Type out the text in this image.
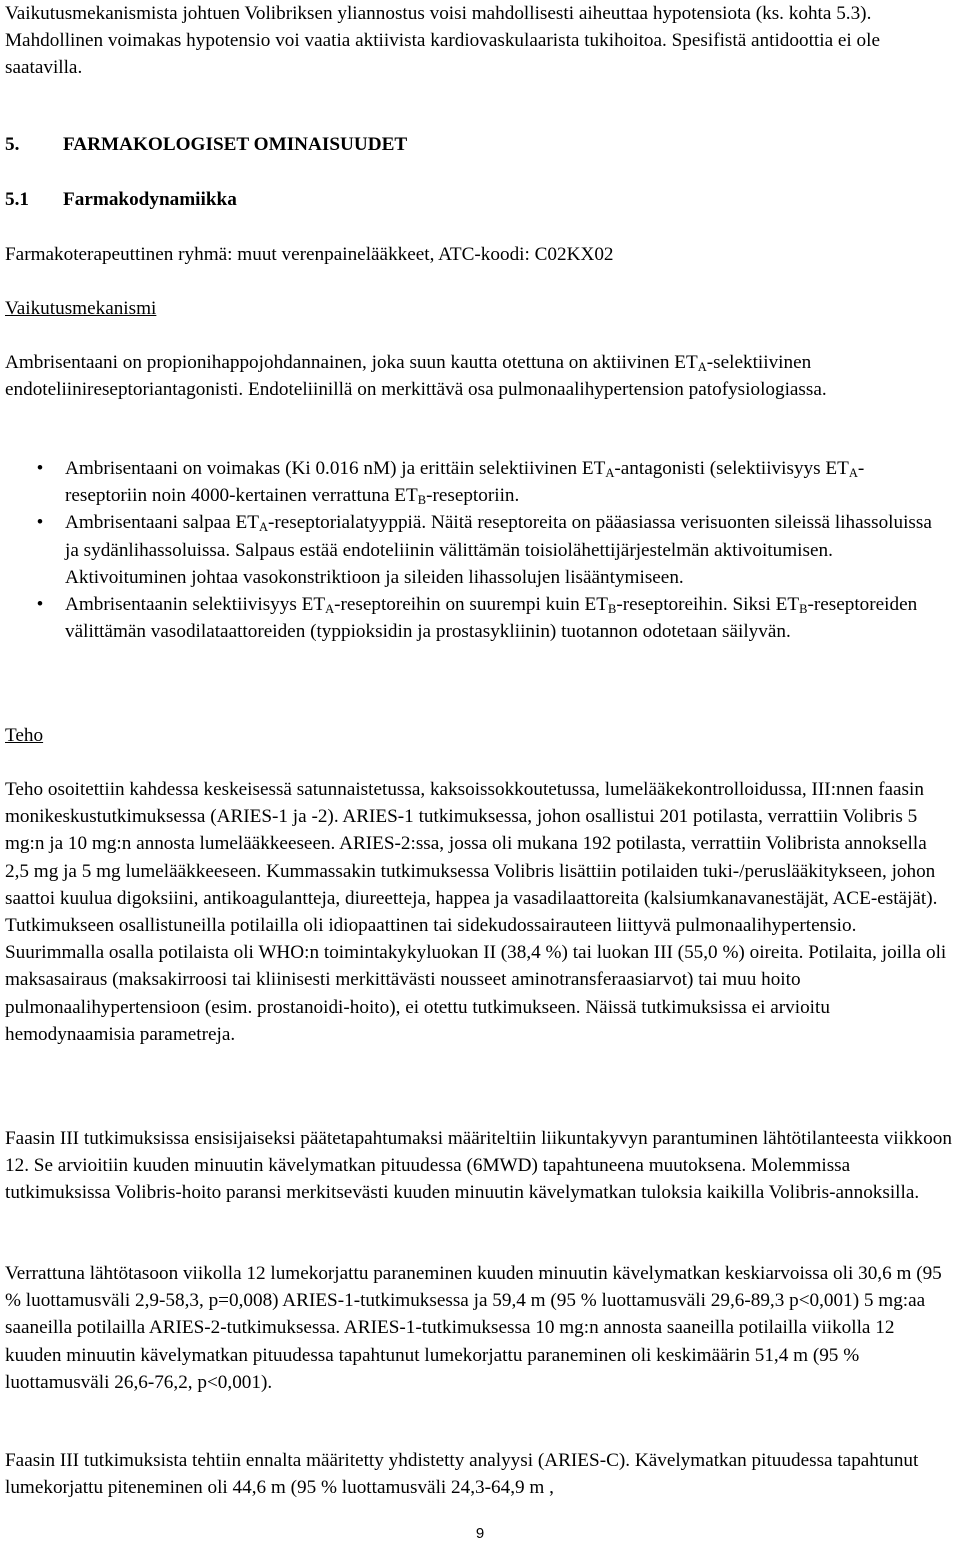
Vaikutusmekanismista johtuen Volibriksen yliannostus voisi mahdollisesti aiheuttaa hypotensiota (ks. kohta 5.3). Mahdollinen voimakas hypotensio voi vaatia aktiivista kardiovaskulaarista tukihoitoa. Spesifistä antidoottia ei ole saatavilla.

5. FARMAKOLOGISET OMINAISUUDET

5.1 Farmakodynamiikka

Farmakoterapeuttinen ryhmä: muut verenpainelääkkeet, ATC-koodi: C02KX02

Vaikutusmekanismi

Ambrisentaani on propionihappojohdannainen, joka suun kautta otettuna on aktiivinen $ET_A$-selektiivinen endoteliinireseptoriantagonisti. Endoteliinillä on merkittävä osa pulmonaalihypertension patofysiologiassa.

•	Ambrisentaani on voimakas (Ki 0.016 nM) ja erittäin selektiivinen $ET_A$-antagonisti (selektiivisyys $ET_A$-reseptoriin noin 4000-kertainen verrattuna $ET_B$-reseptoriin.
•	Ambrisentaani salpaa $ET_A$-reseptorialatyyppiä. Näitä reseptoreita on pääasiassa verisuonten sileissä lihassoluissa ja sydänlihassoluissa. Salpaus estää endoteliinin välittämän toisiolähettijärjestelmän aktivoitumisen. Aktivoituminen johtaa vasokonstriktioon ja sileiden lihassolujen lisääntymiseen.
•	Ambrisentaanin selektiivisyys $ET_A$-reseptoreihin on suurempi kuin $ET_B$-reseptoreihin. Siksi $ET_B$-reseptoreiden välittämän vasodilataattoreiden (typpioksidin ja prostasykliinin) tuotannon odotetaan säilyvän.

Teho

Teho osoitettiin kahdessa keskeisessä satunnaistetussa, kaksoissokkoutetussa, lumelääkekontrolloidussa, III:nnen faasin monikeskustutkimuksessa (ARIES-1 ja -2). ARIES-1 tutkimuksessa, johon osallistui 201 potilasta, verrattiin Volibris 5 mg:n ja 10 mg:n annosta lumelääkkeeseen. ARIES-2:ssa, jossa oli mukana 192 potilasta, verrattiin Volibrista annoksella 2,5 mg ja 5 mg lumelääkkeeseen. Kummassakin tutkimuksessa Volibris lisättiin potilaiden tuki-/peruslääkitykseen, johon saattoi kuulua digoksiini, antikoagulantteja, diureetteja, happea ja vasadilaattoreita (kalsiumkanavanestäjät, ACE-estäjät). Tutkimukseen osallistuneilla potilailla oli idiopaattinen tai sidekudossairauteen liittyvä pulmonaalihypertensio. Suurimmalla osalla potilaista oli WHO:n toimintakykyluokan II (38,4 %) tai luokan III (55,0 %) oireita. Potilaita, joilla oli maksasairaus (maksakirroosi tai kliinisesti merkittävästi nousseet aminotransferaasiarvot) tai muu hoito pulmonaalihypertensioon (esim. prostanoidi-hoito), ei otettu tutkimukseen. Näissä tutkimuksissa ei arvioitu hemodynaamisia parametreja.

Faasin III tutkimuksissa ensisijaiseksi päätetapahtumaksi määriteltiin liikuntakyvyn parantuminen lähtötilanteesta viikkoon 12. Se arvioitiin kuuden minuutin kävelymatkan pituudessa (6MWD) tapahtuneena muutoksena. Molemmissa tutkimuksissa Volibris-hoito paransi merkitsevästi kuuden minuutin kävelymatkan tuloksia kaikilla Volibris-annoksilla.

Verrattuna lähtötasoon viikolla 12 lumekorjattu paraneminen kuuden minuutin kävelymatkan keskiarvoissa oli 30,6 m (95 % luottamusväli 2,9-58,3, p=0,008) ARIES-1-tutkimuksessa ja 59,4 m (95 % luottamusväli 29,6-89,3 p<0,001) 5 mg:aa saaneilla potilailla ARIES-2-tutkimuksessa. ARIES-1-tutkimuksessa 10 mg:n annosta saaneilla potilailla viikolla 12 kuuden minuutin kävelymatkan pituudessa tapahtunut lumekorjattu paraneminen oli keskimäärin 51,4 m (95 % luottamusväli 26,6-76,2, p<0,001).

Faasin III tutkimuksista tehtiin ennalta määritetty yhdistetty analyysi (ARIES-C). Kävelymatkan pituudessa tapahtunut lumekorjattu piteneminen oli 44,6 m (95 % luottamusväli 24,3-64,9 m ,

9
